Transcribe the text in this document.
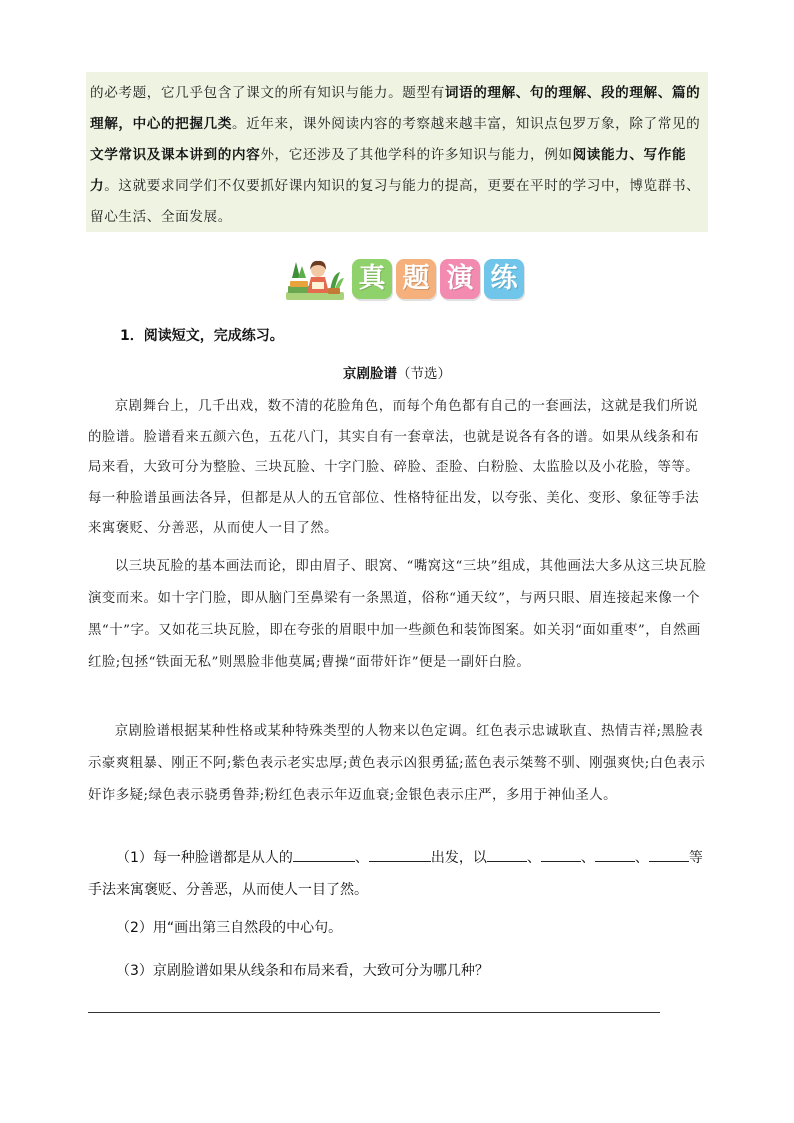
的必考题，它几乎包含了课文的所有知识与能力。题型有词语的理解、句的理解、段的理解、篇的理解，中心的把握几类。近年来，课外阅读内容的考察越来越丰富，知识点包罗万象，除了常见的文学常识及课本讲到的内容外，它还涉及了其他学科的许多知识与能力，例如阅读能力、写作能力。这就要求同学们不仅要抓好课内知识的复习与能力的提高，更要在平时的学习中，博览群书、留心生活、全面发展。

真 题 演 练
1．阅读短文，完成练习。
京剧脸谱（节选）

京剧舞台上，几千出戏，数不清的花脸角色，而每个角色都有自己的一套画法，这就是我们所说的脸谱。脸谱看来五颜六色，五花八门，其实自有一套章法，也就是说各有各的谱。如果从线条和布局来看，大致可分为整脸、三块瓦脸、十字门脸、碎脸、歪脸、白粉脸、太监脸以及小花脸，等等。每一种脸谱虽画法各异，但都是从人的五官部位、性格特征出发，以夸张、美化、变形、象征等手法来寓褒贬、分善恶，从而使人一目了然。

以三块瓦脸的基本画法而论，即由眉子、眼窝、“嘴窝这“三块”组成，其他画法大多从这三块瓦脸演变而来。如十字门脸，即从脑门至鼻梁有一条黑道，俗称“通天纹”，与两只眼、眉连接起来像一个黑“十”字。又如花三块瓦脸，即在夸张的眉眼中加一些颜色和装饰图案。如关羽“面如重枣”，自然画红脸;包拯“铁面无私”则黑脸非他莫属;曹操“面带奸诈”便是一副奸白脸。

京剧脸谱根据某种性格或某种特殊类型的人物来以色定调。红色表示忠诚耿直、热情吉祥;黑脸表示豪爽粗暴、刚正不阿;紫色表示老实忠厚;黄色表示凶狠勇猛;蓝色表示桀骜不驯、刚强爽快;白色表示奸诈多疑;绿色表示骁勇鲁莽;粉红色表示年迈血衰;金银色表示庄严，多用于神仙圣人。

（1）每一种脸谱都是从人的	、	出发，以	、	、	、	等手法来寓褒贬、分善恶，从而使人一目了然。

（2）用“画出第三自然段的中心句。

（3）京剧脸谱如果从线条和布局来看，大致可分为哪几种？
